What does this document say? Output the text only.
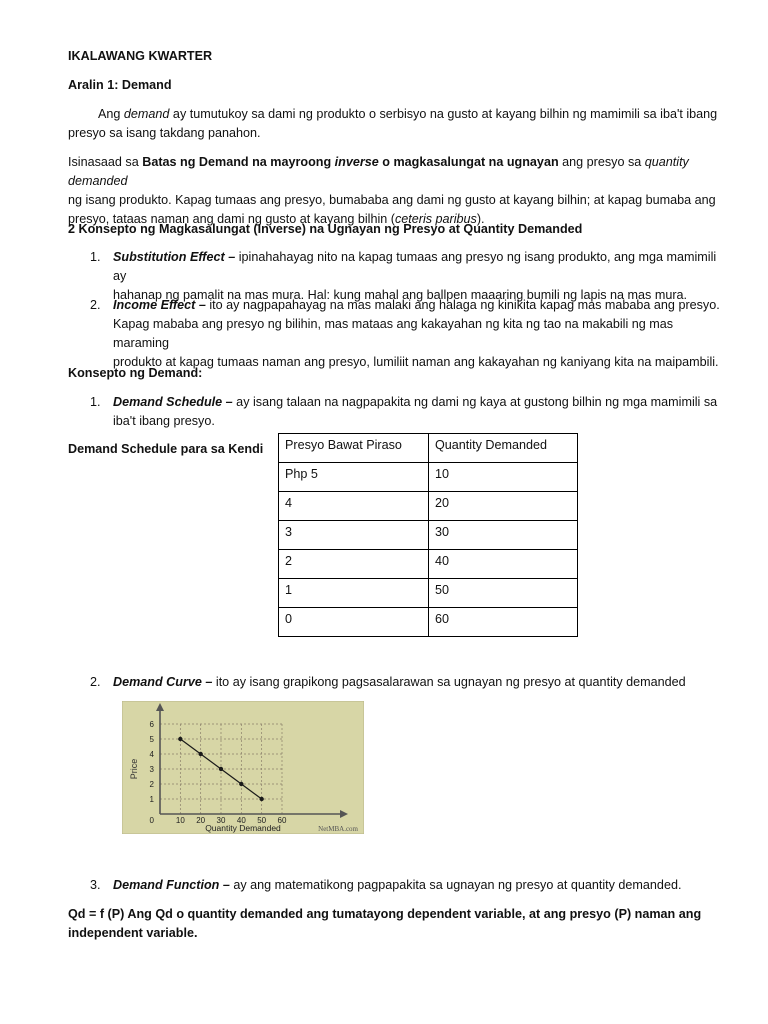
IKALAWANG KWARTER
Aralin 1: Demand
Ang demand ay tumutukoy sa dami ng produkto o serbisyo na gusto at kayang bilhin ng mamimili sa iba't ibang
presyo sa isang takdang panahon.
Isinasaad sa Batas ng Demand na mayroong inverse o magkasalungat na ugnayan ang presyo sa quantity demanded
ng isang produkto. Kapag tumaas ang presyo, bumababa ang dami ng gusto at kayang bilhin; at kapag bumaba ang
presyo, tataas naman ang dami ng gusto at kayang bilhin (ceteris paribus).
2 Konsepto ng Magkasalungat (Inverse) na Ugnayan ng Presyo at Quantity Demanded
1. Substitution Effect – ipinahahayag nito na kapag tumaas ang presyo ng isang produkto, ang mga mamimili ay
hahanap ng pamalit na mas mura. Hal: kung mahal ang ballpen maaaring bumili ng lapis na mas mura.
2. Income Effect – ito ay nagpapahayag na mas malaki ang halaga ng kinikita kapag mas mababa ang presyo.
Kapag mababa ang presyo ng bilihin, mas mataas ang kakayahan ng kita ng tao na makabili ng mas maraming
produkto at kapag tumaas naman ang presyo, lumiliit naman ang kakayahan ng kaniyang kita na maipambili.
Konsepto ng Demand:
1. Demand Schedule – ay isang talaan na nagpapakita ng dami ng kaya at gustong bilhin ng mga mamimili sa
iba't ibang presyo.
Demand Schedule para sa Kendi Presyo Bawat Piraso	Quantity Demanded
Php 5	10
4	20
3	30
2	40
1	50
0	60
2. Demand Curve – ito ay isang grapikong pagsasalarawan sa ugnayan ng presyo at quantity demanded
1
2
3
4
5
6
10 20 30 40 50 60
0
Price
Quantity Demanded	NetMBA.com
3. Demand Function – ay ang matematikong pagpapakita sa ugnayan ng presyo at quantity demanded.
Qd = f (P) Ang Qd o quantity demanded ang tumatayong dependent variable, at ang presyo (P) naman ang
independent variable.
